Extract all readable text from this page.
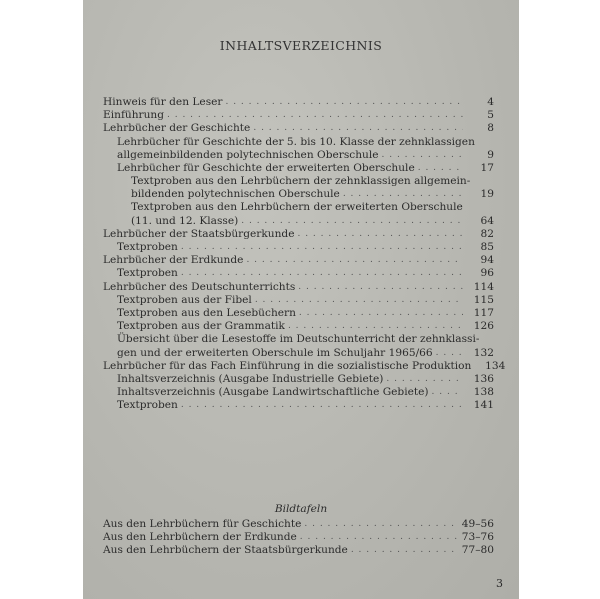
INHALTSVERZEICHNIS
Hinweis für den Leser . . .	4
Einführung . . .	5
Lehrbücher der Geschichte . . .	8
Lehrbücher für Geschichte der 5. bis 10. Klasse der zehnklassigen
allgemeinbildenden polytechnischen Oberschule . . .	9
Lehrbücher für Geschichte der erweiterten Oberschule . . .	17
Textproben aus den Lehrbüchern der zehnklassigen allgemein-
bildenden polytechnischen Oberschule . . .	19
Textproben aus den Lehrbüchern der erweiterten Oberschule
(11. und 12. Klasse) . . .	64
Lehrbücher der Staatsbürgerkunde . . .	82
Textproben . . .	85
Lehrbücher der Erdkunde . . .	94
Textproben . . .	96
Lehrbücher des Deutschunterrichts . . .	114
Textproben aus der Fibel . . .	115
Textproben aus den Lesebüchern . . .	117
Textproben aus der Grammatik . . .	126
Übersicht über die Lesestoffe im Deutschunterricht der zehnklassi-
gen und der erweiterten Oberschule im Schuljahr 1965/66 . . .	132
Lehrbücher für das Fach Einführung in die sozialistische Produktion	134
Inhaltsverzeichnis (Ausgabe Industrielle Gebiete) . . .	136
Inhaltsverzeichnis (Ausgabe Landwirtschaftliche Gebiete) . . .	138
Textproben . . .	141
Bildtafeln
Aus den Lehrbüchern für Geschichte . . .	49–56
Aus den Lehrbüchern der Erdkunde . . .	73–76
Aus den Lehrbüchern der Staatsbürgerkunde . . .	77–80
3
